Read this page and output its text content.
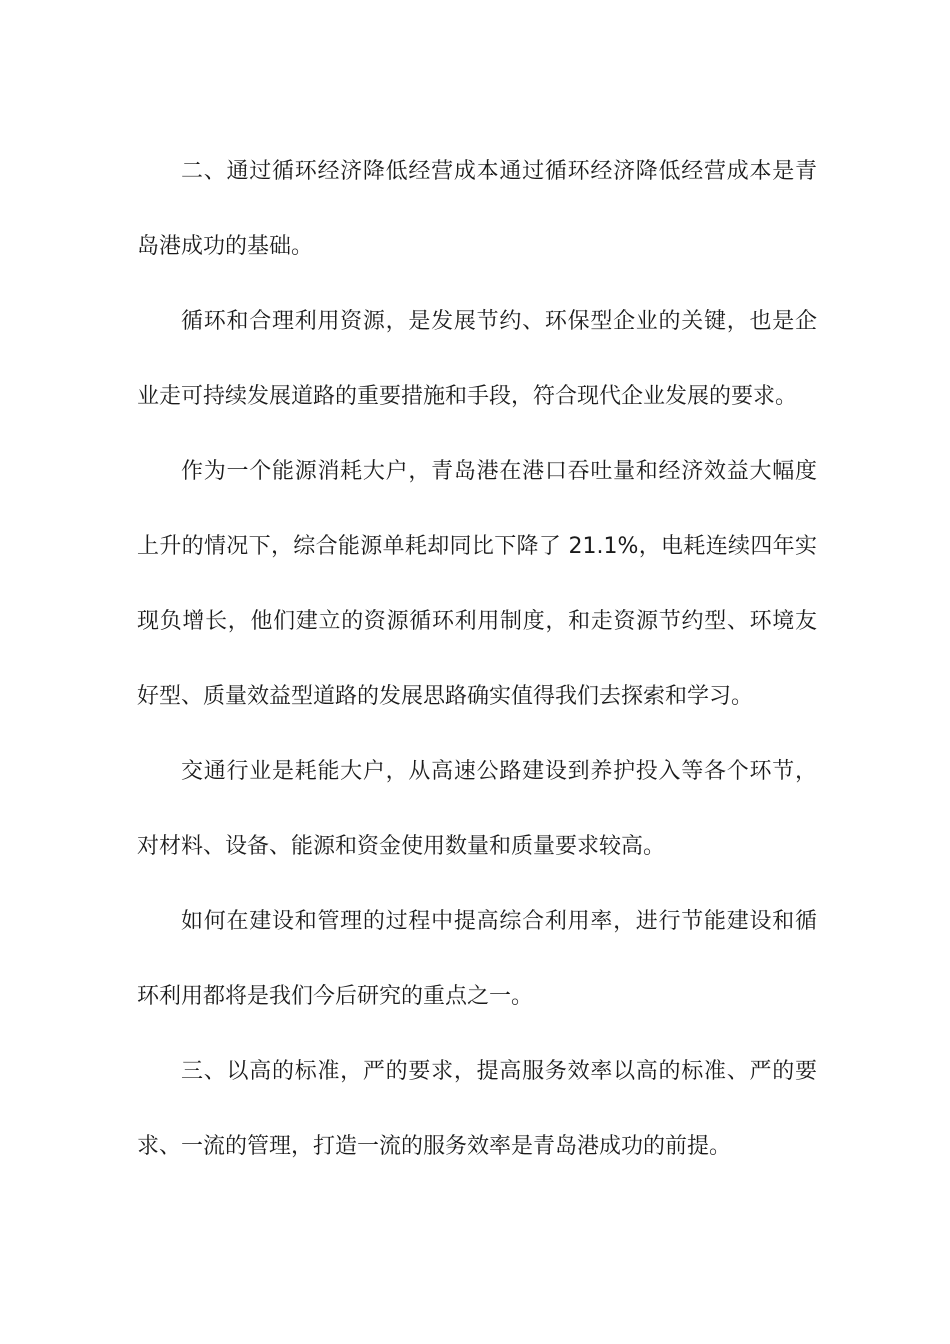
二、通过循环经济降低经营成本通过循环经济降低经营成本是青岛港成功的基础。

循环和合理利用资源，是发展节约、环保型企业的关键，也是企业走可持续发展道路的重要措施和手段，符合现代企业发展的要求。

作为一个能源消耗大户，青岛港在港口吞吐量和经济效益大幅度上升的情况下，综合能源单耗却同比下降了 21.1%，电耗连续四年实现负增长，他们建立的资源循环利用制度，和走资源节约型、环境友好型、质量效益型道路的发展思路确实值得我们去探索和学习。

交通行业是耗能大户，从高速公路建设到养护投入等各个环节，对材料、设备、能源和资金使用数量和质量要求较高。

如何在建设和管理的过程中提高综合利用率，进行节能建设和循环利用都将是我们今后研究的重点之一。

三、以高的标准，严的要求，提高服务效率以高的标准、严的要求、一流的管理，打造一流的服务效率是青岛港成功的前提。
